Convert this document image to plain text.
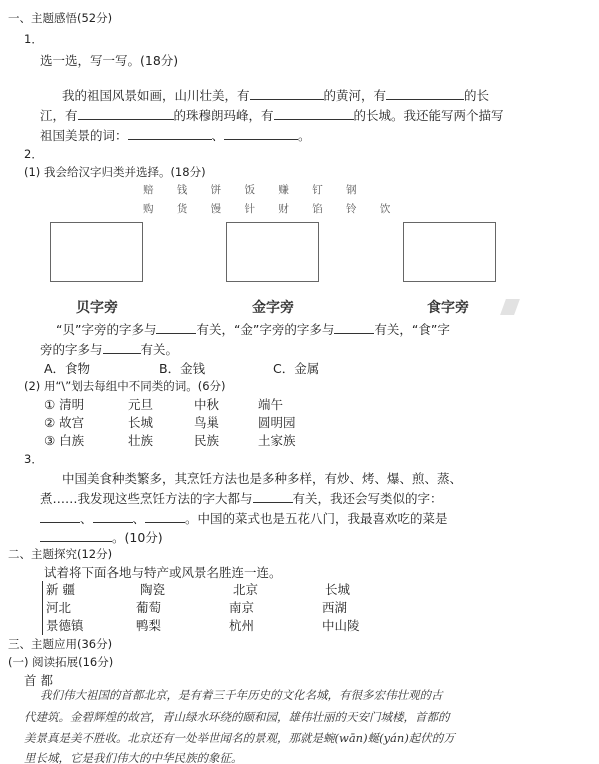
一、主题感悟(52分)
1．
选一选，写一写。(18分)
我的祖国风景如画，山川壮美，有	的黄河，有	的长
江，有	的珠穆朗玛峰，有	的长城。我还能写两个描写
祖国美景的词：	、	。
2．
(1) 我会给汉字归类并选择。(18分)
赔 钱 饼 饭 赚 钉 钢
购 货 馒 针 财 馅 铃 饮
贝字旁	金字旁	食字旁
“贝”字旁的字多与	有关，“金”字旁的字多与	有关，“食”字
旁的字多与	有关。
A．食物	B．金钱	C．金属
(2) 用“\”划去每组中不同类的词。(6分)
① 清明	元旦	中秋	端午
② 故宫	长城	鸟巢	圆明园
③ 白族	壮族	民族	土家族
3．
中国美食种类繁多，其烹饪方法也是多种多样，有炒、烤、爆、煎、蒸、
煮……我发现这些烹饪方法的字大都与	有关，我还会写类似的字：
、	、	。中国的菜式也是五花八门，我最喜欢吃的菜是
。(10分)
二、主题探究(12分)
试着将下面各地与特产或风景名胜连一连。
新 疆	陶瓷	北京	长城
河北	葡萄	南京	西湖
景德镇	鸭梨	杭州	中山陵
三、主题应用(36分)
(一) 阅读拓展(16分)
首 都
我们伟大祖国的首都北京，是有着三千年历史的文化名城，有很多宏伟壮观的古
代建筑。金碧辉煌的故宫，青山绿水环绕的颐和园，雄伟壮丽的天安门城楼，首都的
美景真是美不胜收。北京还有一处举世闻名的景观，那就是蜿(wān)蜒(yán)起伏的万
里长城，它是我们伟大的中华民族的象征。
